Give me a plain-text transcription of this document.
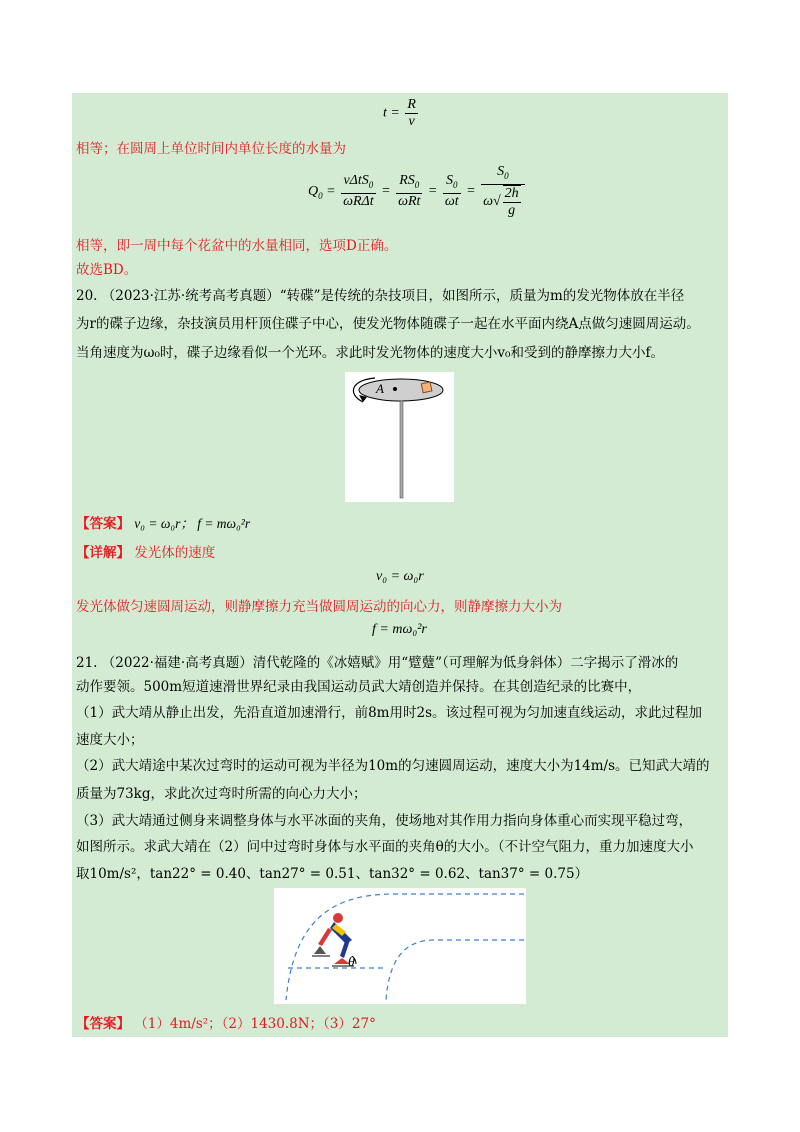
$t = \frac{R}{v}$
相等；在圆周上单位时间内单位长度的水量为
$Q_0 = \frac{v\Delta tS_0}{\text{ωRΔt}} = \frac{RS_0}{\text{ωRt}} = \frac{S_0}{\omega t} = \frac{S_0}{\omega√ \frac{2h}{g}}$
相等，即一周中每个花盆中的水量相同，选项D正确。
故选BD。
20. （2023·江苏·统考高考真题）“转碟”是传统的杂技项目，如图所示，质量为m的发光物体放在半径
为r的碟子边缘，杂技演员用杆顶住碟子中心，使发光物体随碟子一起在水平面内绕A点做匀速圆周运动。
当角速度为ω₀时，碟子边缘看似一个光环。求此时发光物体的速度大小v₀和受到的静摩擦力大小f。
A
【答案】 v₀ = ω₀r； f = mω₀²r
【详解】 发光体的速度
v₀ = ω₀r
发光体做匀速圆周运动，则静摩擦力充当做圆周运动的向心力，则静摩擦力大小为
f = mω₀²r
21. （2022·福建·高考真题）清代乾隆的《冰嬉赋》用“躄躠”（可理解为低身斜体）二字揭示了滑冰的
动作要领。500m短道速滑世界纪录由我国运动员武大靖创造并保持。在其创造纪录的比赛中，
（1）武大靖从静止出发，先沿直道加速滑行，前8m用时2s。该过程可视为匀加速直线运动，求此过程加
速度大小；
（2）武大靖途中某次过弯时的运动可视为半径为10m的匀速圆周运动，速度大小为14m/s。已知武大靖的
质量为73kg，求此次过弯时所需的向心力大小；
（3）武大靖通过侧身来调整身体与水平冰面的夹角，使场地对其作用力指向身体重心而实现平稳过弯，
如图所示。求武大靖在（2）问中过弯时身体与水平面的夹角θ的大小。（不计空气阻力，重力加速度大小
取10m/s²，tan22° = 0.40、tan27° = 0.51、tan32° = 0.62、tan37° = 0.75）
θ
【答案】 （1）4m/s²；（2）1430.8N；（3）27°
